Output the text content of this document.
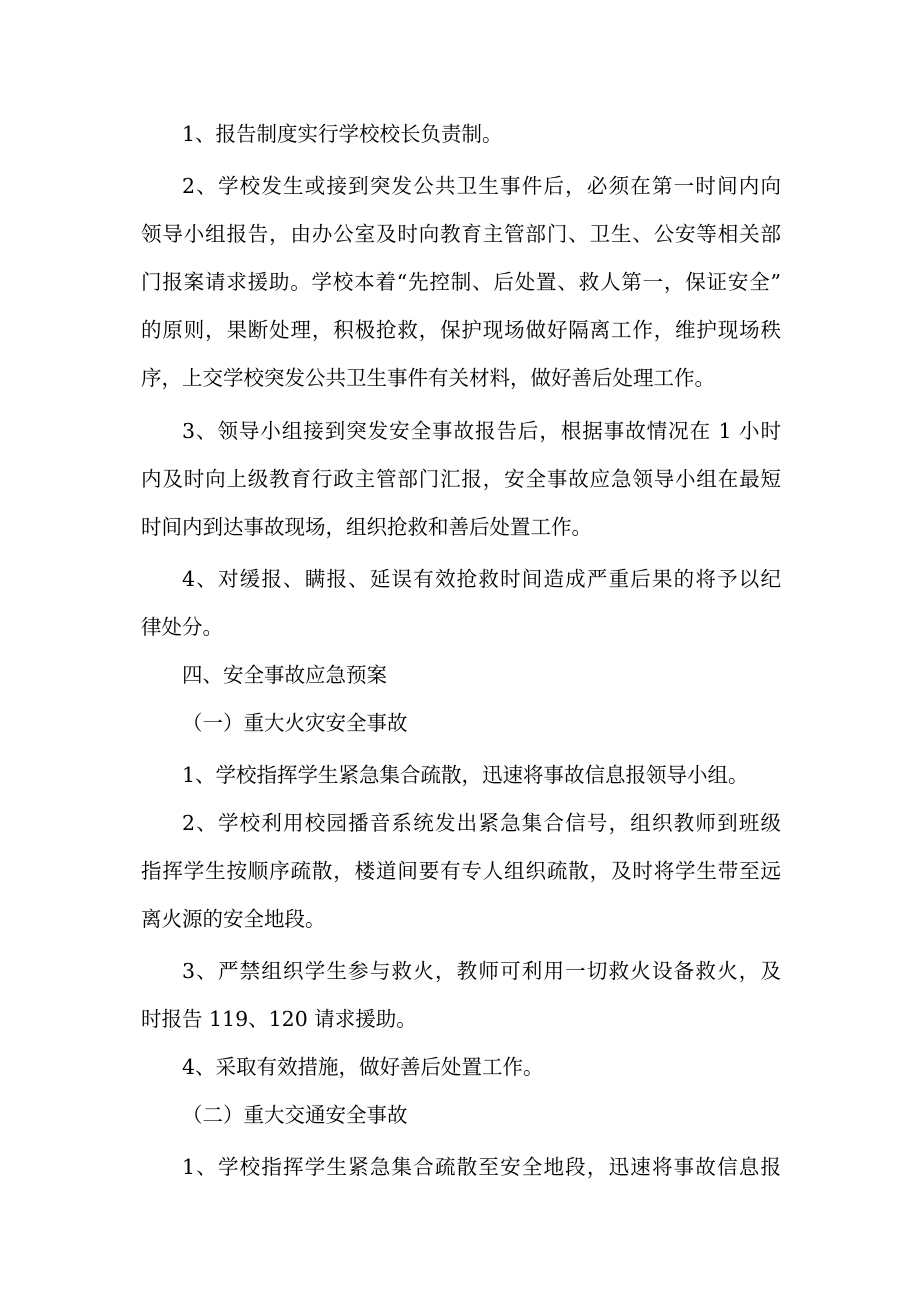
1、报告制度实行学校校长负责制。
2、学校发生或接到突发公共卫生事件后，必须在第一时间内向
领导小组报告，由办公室及时向教育主管部门、卫生、公安等相关部
门报案请求援助。学校本着“先控制、后处置、救人第一，保证安全”
的原则，果断处理，积极抢救，保护现场做好隔离工作，维护现场秩
序，上交学校突发公共卫生事件有关材料，做好善后处理工作。
3、领导小组接到突发安全事故报告后，根据事故情况在 1 小时
内及时向上级教育行政主管部门汇报，安全事故应急领导小组在最短
时间内到达事故现场，组织抢救和善后处置工作。
4、对缓报、瞒报、延误有效抢救时间造成严重后果的将予以纪
律处分。
四、安全事故应急预案
（一）重大火灾安全事故
1、学校指挥学生紧急集合疏散，迅速将事故信息报领导小组。
2、学校利用校园播音系统发出紧急集合信号，组织教师到班级
指挥学生按顺序疏散，楼道间要有专人组织疏散，及时将学生带至远
离火源的安全地段。
3、严禁组织学生参与救火，教师可利用一切救火设备救火，及
时报告 119、120 请求援助。
4、采取有效措施，做好善后处置工作。
（二）重大交通安全事故
1、学校指挥学生紧急集合疏散至安全地段，迅速将事故信息报
